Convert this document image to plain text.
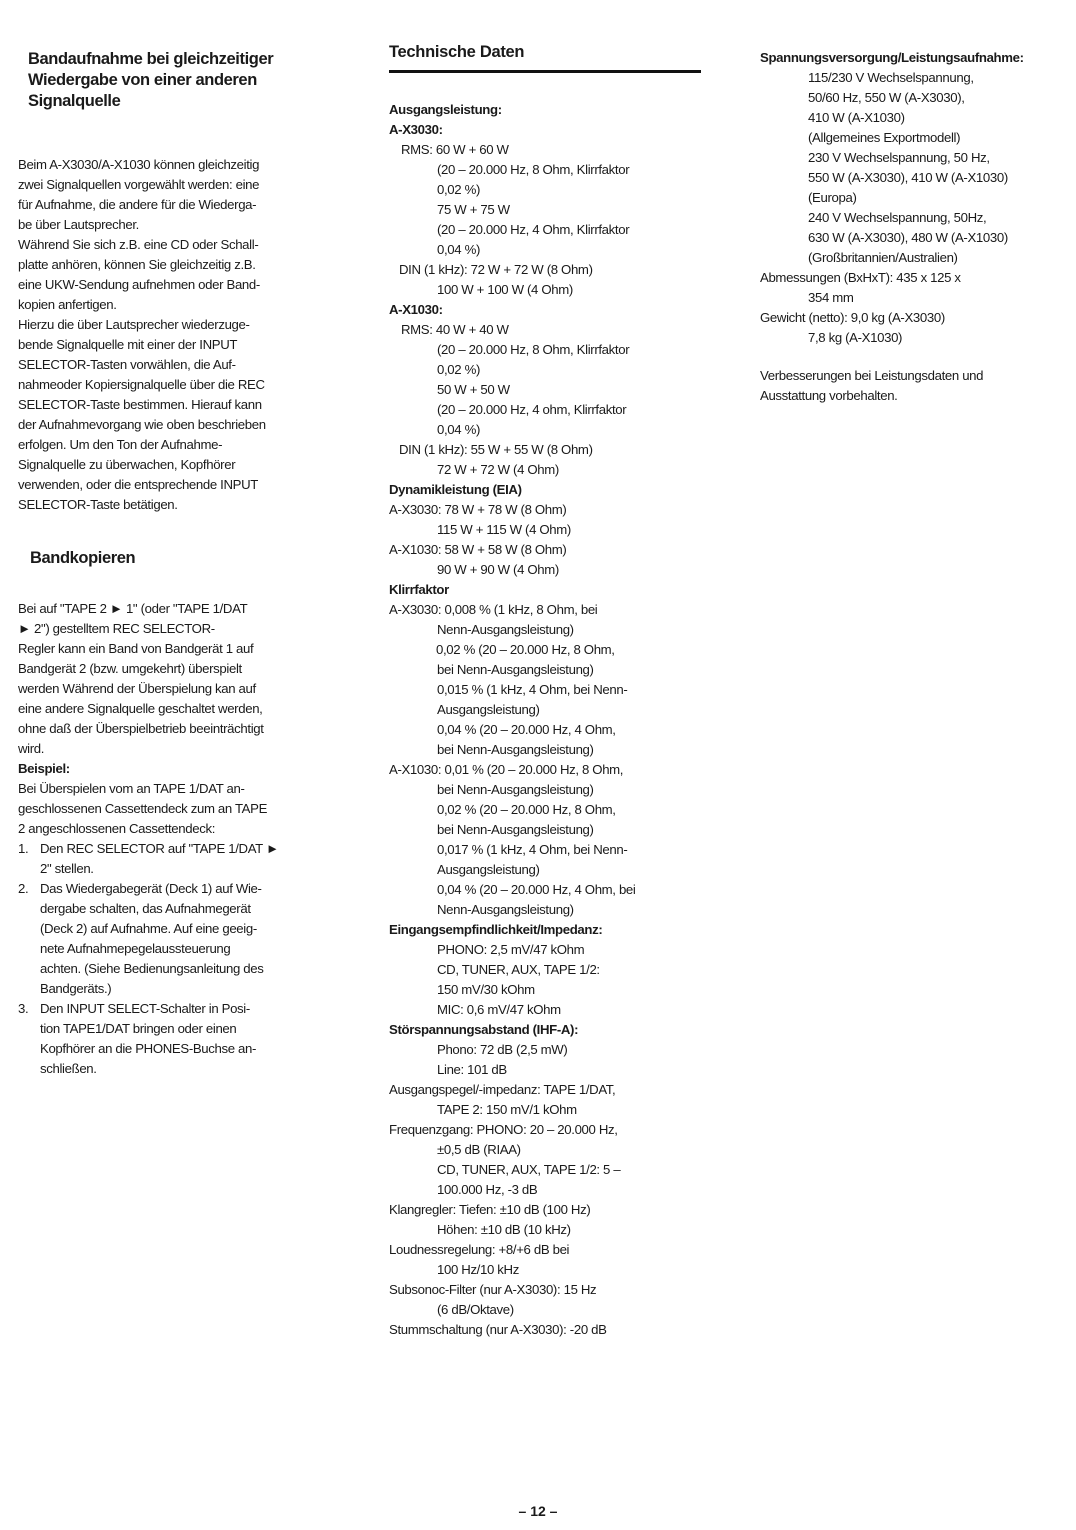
Bandaufnahme bei gleichzeitiger
Wiedergabe von einer anderen
Signalquelle
Beim A-X3030/A-X1030 können gleichzeitig
zwei Signalquellen vorgewählt werden: eine
für Aufnahme, die andere für die Wiederga-
be über Lautsprecher.
Während Sie sich z.B. eine CD oder Schall-
platte anhören, können Sie gleichzeitig z.B.
eine UKW-Sendung aufnehmen oder Band-
kopien anfertigen.
Hierzu die über Lautsprecher wiederzuge-
bende Signalquelle mit einer der INPUT
SELECTOR-Tasten vorwählen, die Auf-
nahmeoder Kopiersignalquelle über die REC
SELECTOR-Taste bestimmen. Hierauf kann
der Aufnahmevorgang wie oben beschrieben
erfolgen. Um den Ton der Aufnahme-
Signalquelle zu überwachen, Kopfhörer
verwenden, oder die entsprechende INPUT
SELECTOR-Taste betätigen.
Bandkopieren
Bei auf "TAPE 2 ► 1" (oder "TAPE 1/DAT
► 2") gestelltem REC SELECTOR-
Regler kann ein Band von Bandgerät 1 auf
Bandgerät 2 (bzw. umgekehrt) überspielt
werden Während der Überspielung kan auf
eine andere Signalquelle geschaltet werden,
ohne daß der Überspielbetrieb beeinträchtigt
wird.
Beispiel:
Bei Überspielen vom an TAPE 1/DAT an-
geschlossenen Cassettendeck zum an TAPE
2 angeschlossenen Cassettendeck:
1. Den REC SELECTOR auf "TAPE 1/DAT ►
2" stellen.
2. Das Wiedergabegerät (Deck 1) auf Wie-
dergabe schalten, das Aufnahmegerät
(Deck 2) auf Aufnahme. Auf eine geeig-
nete Aufnahmepegelaussteuerung
achten. (Siehe Bedienungsanleitung des
Bandgeräts.)
3. Den INPUT SELECT-Schalter in Posi-
tion TAPE1/DAT bringen oder einen
Kopfhörer an die PHONES-Buchse an-
schließen.
Technische Daten
Ausgangsleistung:
A-X3030:
RMS: 60 W + 60 W
(20 – 20.000 Hz, 8 Ohm, Klirrfaktor
0,02 %)
75 W + 75 W
(20 – 20.000 Hz, 4 Ohm, Klirrfaktor
0,04 %)
DIN (1 kHz): 72 W + 72 W (8 Ohm)
100 W + 100 W (4 Ohm)
A-X1030:
RMS: 40 W + 40 W
(20 – 20.000 Hz, 8 Ohm, Klirrfaktor
0,02 %)
50 W + 50 W
(20 – 20.000 Hz, 4 ohm, Klirrfaktor
0,04 %)
DIN (1 kHz): 55 W + 55 W (8 Ohm)
72 W + 72 W (4 Ohm)
Dynamikleistung (EIA)
A-X3030: 78 W + 78 W (8 Ohm)
115 W + 115 W (4 Ohm)
A-X1030: 58 W + 58 W (8 Ohm)
90 W + 90 W (4 Ohm)
Klirrfaktor
A-X3030: 0,008 % (1 kHz, 8 Ohm, bei
Nenn-Ausgangsleistung)
0,02 % (20 – 20.000 Hz, 8 Ohm,
bei Nenn-Ausgangsleistung)
0,015 % (1 kHz, 4 Ohm, bei Nenn-
Ausgangsleistung)
0,04 % (20 – 20.000 Hz, 4 Ohm,
bei Nenn-Ausgangsleistung)
A-X1030: 0,01 % (20 – 20.000 Hz, 8 Ohm,
bei Nenn-Ausgangsleistung)
0,02 % (20 – 20.000 Hz, 8 Ohm,
bei Nenn-Ausgangsleistung)
0,017 % (1 kHz, 4 Ohm, bei Nenn-
Ausgangsleistung)
0,04 % (20 – 20.000 Hz, 4 Ohm, bei
Nenn-Ausgangsleistung)
Eingangsempfindlichkeit/Impedanz:
PHONO: 2,5 mV/47 kOhm
CD, TUNER, AUX, TAPE 1/2:
150 mV/30 kOhm
MIC: 0,6 mV/47 kOhm
Störspannungsabstand (IHF-A):
Phono: 72 dB (2,5 mW)
Line: 101 dB
Ausgangspegel/-impedanz: TAPE 1/DAT,
TAPE 2: 150 mV/1 kOhm
Frequenzgang: PHONO: 20 – 20.000 Hz,
±0,5 dB (RIAA)
CD, TUNER, AUX, TAPE 1/2: 5 –
100.000 Hz, -3 dB
Klangregler: Tiefen: ±10 dB (100 Hz)
Höhen: ±10 dB (10 kHz)
Loudnessregelung: +8/+6 dB bei
100 Hz/10 kHz
Subsonoc-Filter (nur A-X3030): 15 Hz
(6 dB/Oktave)
Stummschaltung (nur A-X3030): -20 dB
Spannungsversorgung/Leistungsaufnahme:
115/230 V Wechselspannung,
50/60 Hz, 550 W (A-X3030),
410 W (A-X1030)
(Allgemeines Exportmodell)
230 V Wechselspannung, 50 Hz,
550 W (A-X3030), 410 W (A-X1030)
(Europa)
240 V Wechselspannung, 50Hz,
630 W (A-X3030), 480 W (A-X1030)
(Großbritannien/Australien)
Abmessungen (BxHxT): 435 x 125 x
354 mm
Gewicht (netto): 9,0 kg (A-X3030)
7,8 kg (A-X1030)
Verbesserungen bei Leistungsdaten und
Ausstattung vorbehalten.
– 12 –
